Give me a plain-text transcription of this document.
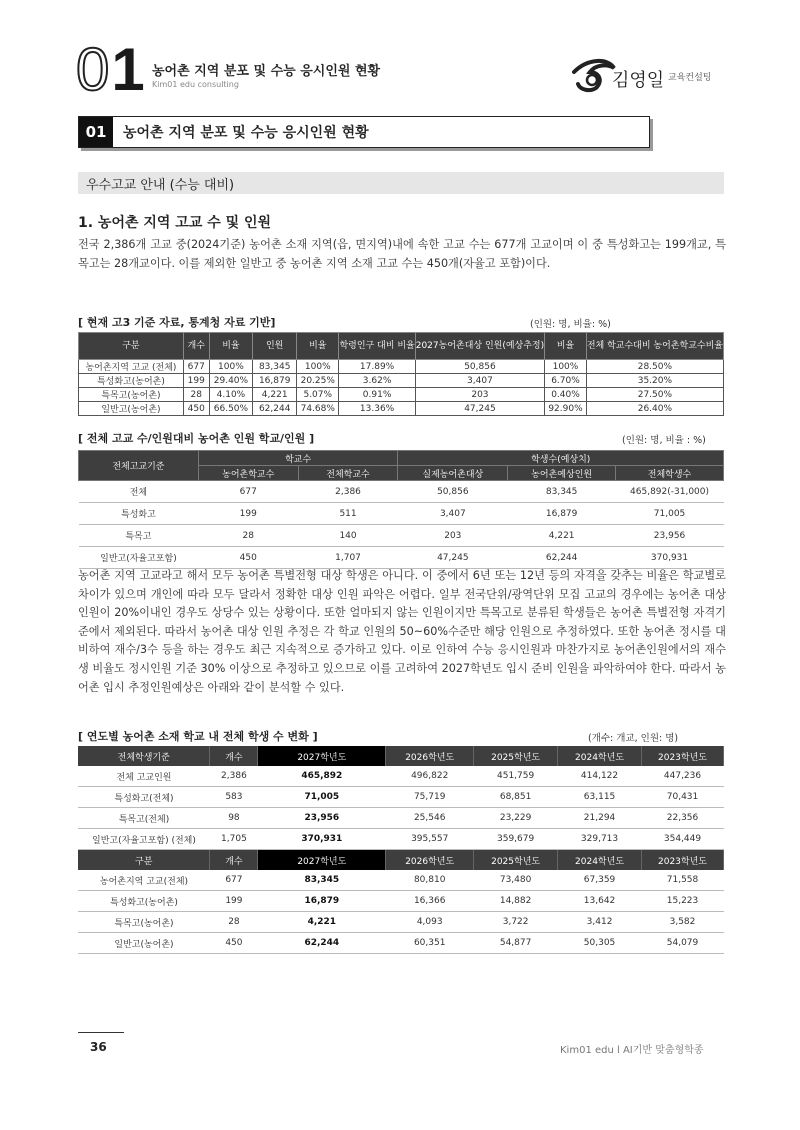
01 농어촌 지역 분포 및 수능 응시인원 현황
Kim01 edu consulting	김영일 교육컨설팅
01	농어촌 지역 분포 및 수능 응시인원 현황
우수고교 안내 (수능 대비)
1. 농어촌 지역 고교 수 및 인원
전국 2,386개 고교 중(2024기준) 농어촌 소재 지역(읍, 면지역)내에 속한 고교 수는 677개 고교이며 이 중 특성화고는 199개교, 특목고는 28개교이다. 이를 제외한 일반고 중 농어촌 지역 소재 고교 수는 450개(자율고 포함)이다.
[ 현재 고3 기준 자료, 통계청 자료 기반]	(인원: 명, 비율: %)
구분	개수	비율	인원	비율	학령인구 대비 비율	2027농어촌대상 인원(예상추정)	비율	전체 학교수대비 농어촌학교수비율
농어촌지역 고교 (전체)	677	100%	83,345	100%	17.89%	50,856	100%	28.50%
특성화고(농어촌)	199	29.40%	16,879	20.25%	3.62%	3,407	6.70%	35.20%
특목고(농어촌)	28	4.10%	4,221	5.07%	0.91%	203	0.40%	27.50%
일반고(농어촌)	450	66.50%	62,244	74.68%	13.36%	47,245	92.90%	26.40%
[ 전체 고교 수/인원대비 농어촌 인원 학교/인원 ]	(인원: 명, 비율 : %)
전체고교기준	학교수		학생수(예상치)		
	농어촌학교수	전체학교수	실제농어촌대상	농어촌예상인원	전체학생수
전체	677	2,386	50,856	83,345	465,892(-31,000)
특성화고	199	511	3,407	16,879	71,005
특목고	28	140	203	4,221	23,956
일반고(자율고포함)	450	1,707	47,245	62,244	370,931
농어촌 지역 고교라고 해서 모두 농어촌 특별전형 대상 학생은 아니다. 이 중에서 6년 또는 12년 등의 자격을 갖추는 비율은 학교별로 차이가 있으며 개인에 따라 모두 달라서 정확한 대상 인원 파악은 어렵다. 일부 전국단위/광역단위 모집 고교의 경우에는 농어촌 대상 인원이 20%이내인 경우도 상당수 있는 상황이다. 또한 얼마되지 않는 인원이지만 특목고로 분류된 학생들은 농어촌 특별전형 자격기준에서 제외된다. 따라서 농어촌 대상 인원 추정은 각 학교 인원의 50~60%수준만 해당 인원으로 추정하였다. 또한 농어촌 정시를 대비하여 재수/3수 등을 하는 경우도 최근 지속적으로 증가하고 있다. 이로 인하여 수능 응시인원과 마찬가지로 농어촌인원에서의 재수생 비율도 정시인원 기준 30% 이상으로 추정하고 있으므로 이를 고려하여 2027학년도 입시 준비 인원을 파악하여야 한다. 따라서 농어촌 입시 추정인원예상은 아래와 같이 분석할 수 있다.
[ 연도별 농어촌 소재 학교 내 전체 학생 수 변화 ]	(개수: 개교, 인원: 명)
전체학생기준	개수	2027학년도	2026학년도	2025학년도	2024학년도	2023학년도
전체 고교인원	2,386	465,892	496,822	451,759	414,122	447,236
특성화고(전체)	583	71,005	75,719	68,851	63,115	70,431
특목고(전체)	98	23,956	25,546	23,229	21,294	22,356
일반고(자율고포함) (전체)	1,705	370,931	395,557	359,679	329,713	354,449
구분	개수	2027학년도	2026학년도	2025학년도	2024학년도	2023학년도
농어촌지역 고교(전체)	677	83,345	80,810	73,480	67,359	71,558
특성화고(농어촌)	199	16,879	16,366	14,882	13,642	15,223
특목고(농어촌)	28	4,221	4,093	3,722	3,412	3,582
일반고(농어촌)	450	62,244	60,351	54,877	50,305	54,079
36	Kim01 edu l AI기반 맞춤형학종
